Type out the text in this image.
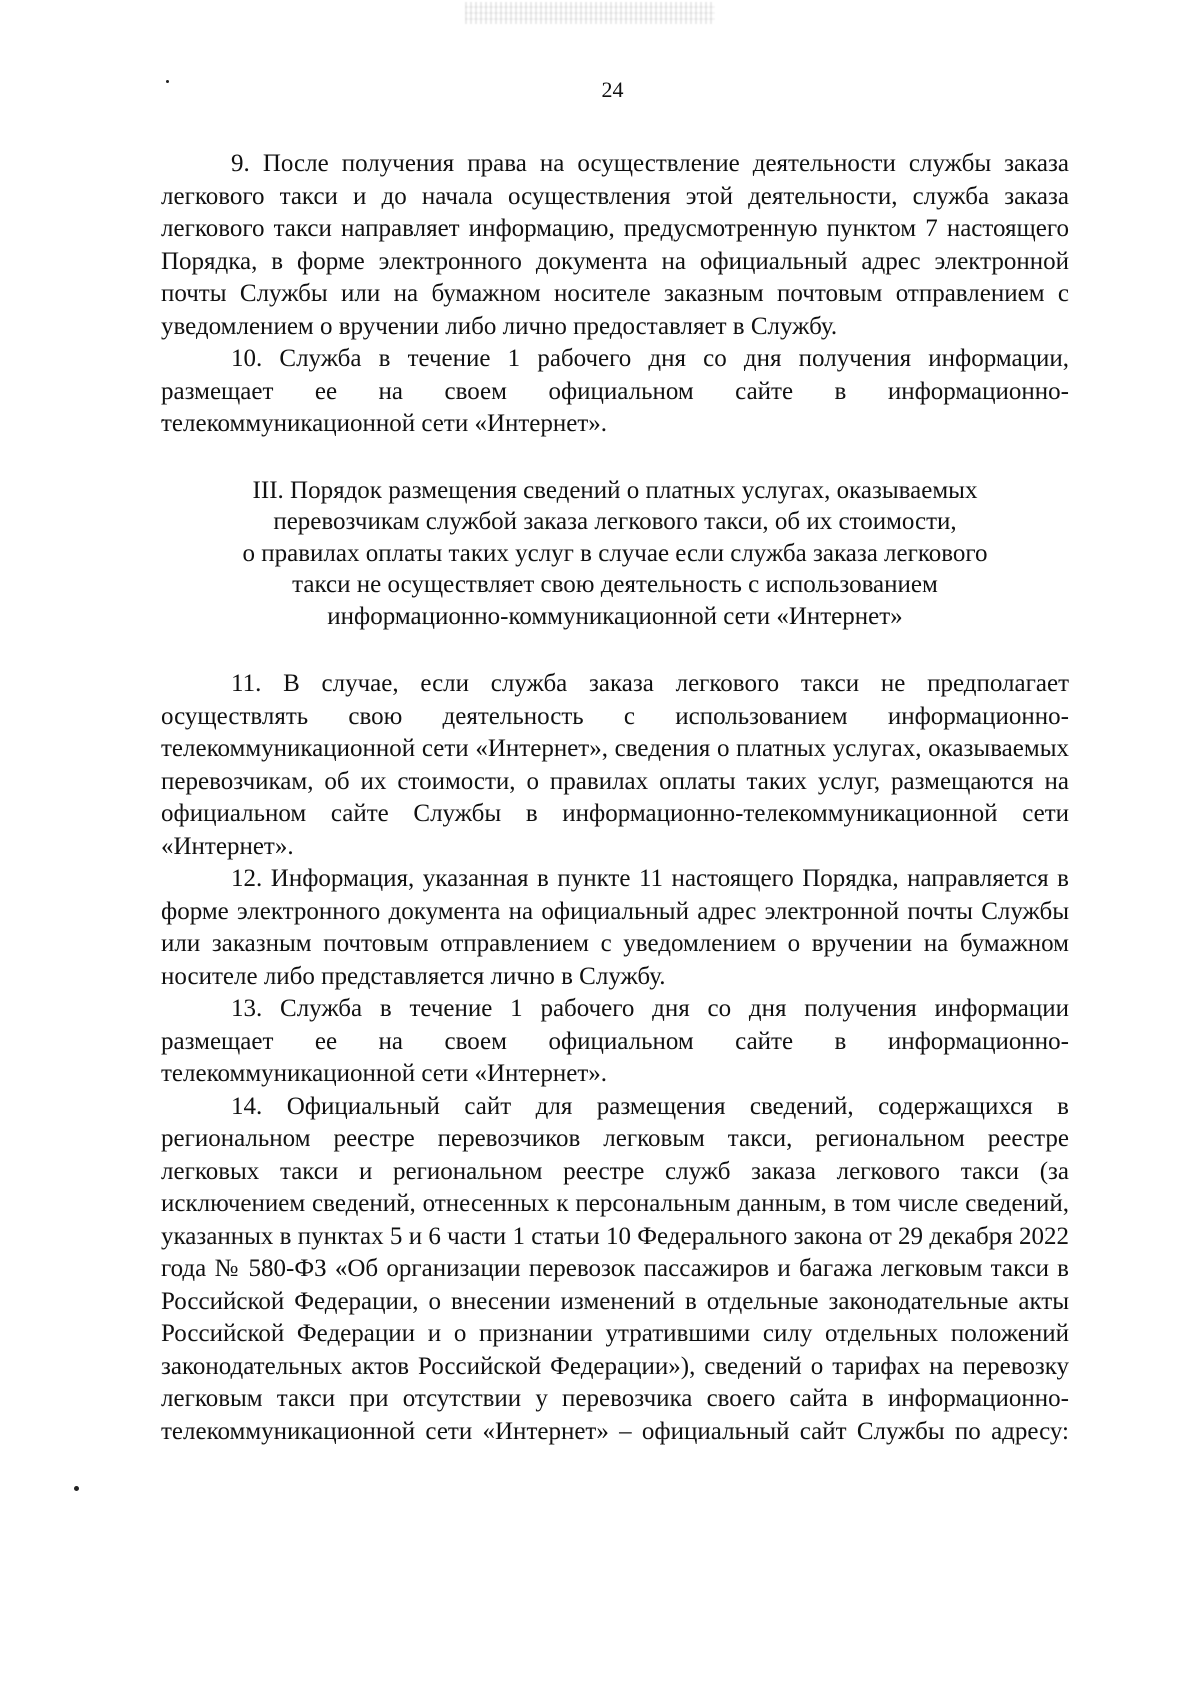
24

9. После получения права на осуществление деятельности службы заказа легкового такси и до начала осуществления этой деятельности, служба заказа легкового такси направляет информацию, предусмотренную пунктом 7 настоящего Порядка, в форме электронного документа на официальный адрес электронной почты Службы или на бумажном носителе заказным почтовым отправлением с уведомлением о вручении либо лично предоставляет в Службу.

10. Служба в течение 1 рабочего дня со дня получения информации, размещает ее на своем официальном сайте в информационно-телекоммуникационной сети «Интернет».

III. Порядок размещения сведений о платных услугах, оказываемых
перевозчикам службой заказа легкового такси, об их стоимости,
о правилах оплаты таких услуг в случае если служба заказа легкового
такси не осуществляет свою деятельность с использованием
информационно-коммуникационной сети «Интернет»

11. В случае, если служба заказа легкового такси не предполагает осуществлять свою деятельность с использованием информационно-телекоммуникационной сети «Интернет», сведения о платных услугах, оказываемых перевозчикам, об их стоимости, о правилах оплаты таких услуг, размещаются на официальном сайте Службы в информационно-телекоммуникационной сети «Интернет».

12. Информация, указанная в пункте 11 настоящего Порядка, направляется в форме электронного документа на официальный адрес электронной почты Службы или заказным почтовым отправлением с уведомлением о вручении на бумажном носителе либо представляется лично в Службу.

13. Служба в течение 1 рабочего дня со дня получения информации размещает ее на своем официальном сайте в информационно-телекоммуникационной сети «Интернет».

14. Официальный сайт для размещения сведений, содержащихся в региональном реестре перевозчиков легковым такси, региональном реестре легковых такси и региональном реестре служб заказа легкового такси (за исключением сведений, отнесенных к персональным данным, в том числе сведений, указанных в пунктах 5 и 6 части 1 статьи 10 Федерального закона от 29 декабря 2022 года № 580-ФЗ «Об организации перевозок пассажиров и багажа легковым такси в Российской Федерации, о внесении изменений в отдельные законодательные акты Российской Федерации и о признании утратившими силу отдельных положений законодательных актов Российской Федерации»), сведений о тарифах на перевозку легковым такси при отсутствии у перевозчика своего сайта в информационно-телекоммуникационной сети «Интернет» – официальный сайт Службы по адресу:
